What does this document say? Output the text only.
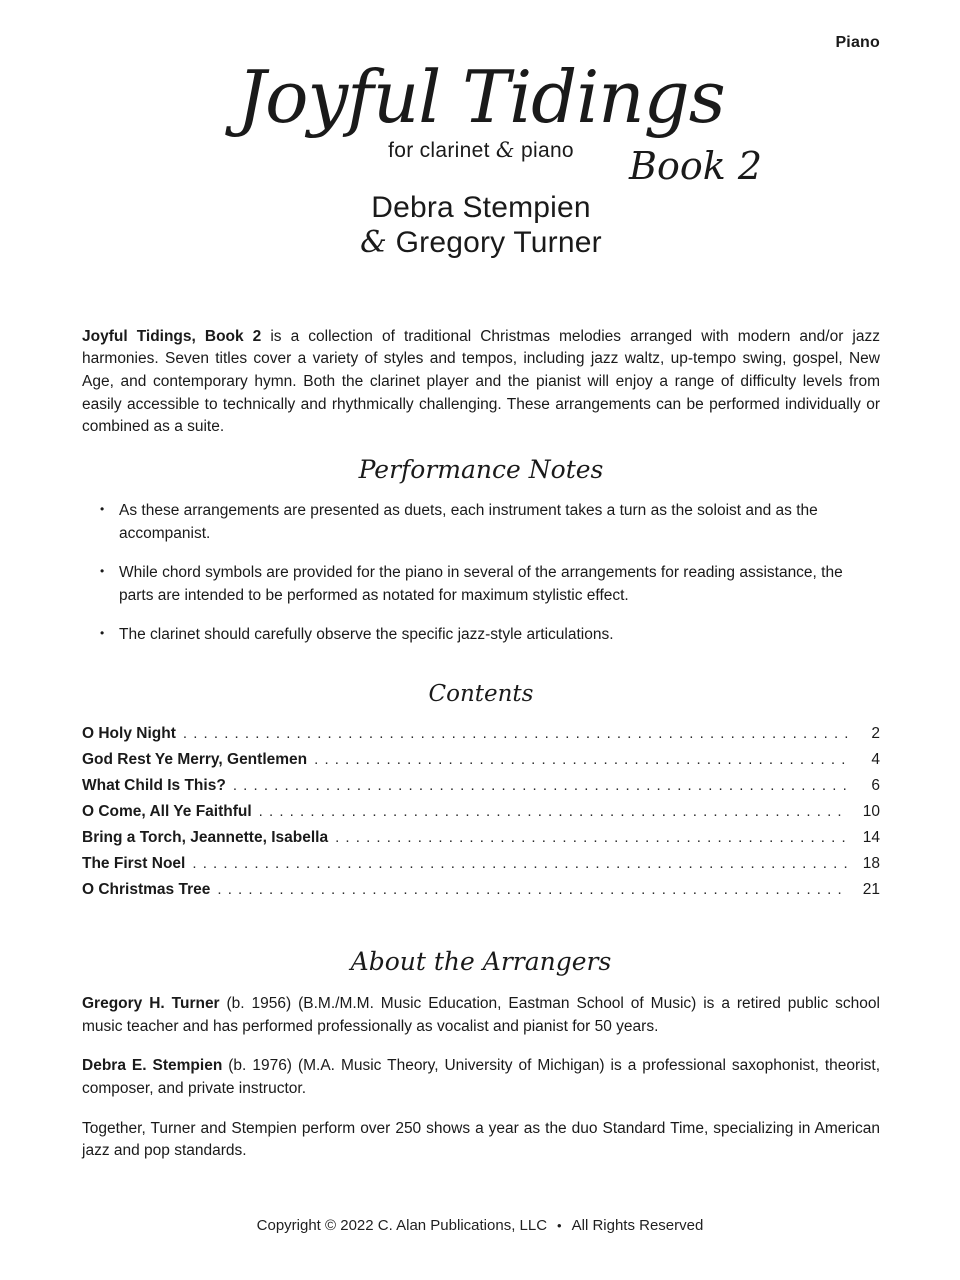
Piano
Joyful Tidings
for clarinet & piano Book 2
Debra Stempien
& Gregory Turner

Joyful Tidings, Book 2 is a collection of traditional Christmas melodies arranged with modern and/or jazz harmonies. Seven titles cover a variety of styles and tempos, including jazz waltz, up-tempo swing, gospel, New Age, and contemporary hymn. Both the clarinet player and the pianist will enjoy a range of difficulty levels from easily accessible to technically and rhythmically challenging. These arrangements can be performed individually or combined as a suite.

Performance Notes
• As these arrangements are presented as duets, each instrument takes a turn as the soloist and as the accompanist.
• While chord symbols are provided for the piano in several of the arrangements for reading assistance, the parts are intended to be performed as notated for maximum stylistic effect.
• The clarinet should carefully observe the specific jazz-style articulations.
Contents
O Holy Night . . .	2
God Rest Ye Merry, Gentlemen . . .	4
What Child Is This? . . .	6
O Come, All Ye Faithful . . .	10
Bring a Torch, Jeannette, Isabella . . .	14
The First Noel . . .	18
O Christmas Tree . . .	21
About the Arrangers

Gregory H. Turner (b. 1956) (B.M./M.M. Music Education, Eastman School of Music) is a retired public school music teacher and has performed professionally as vocalist and pianist for 50 years.

Debra E. Stempien (b. 1976) (M.A. Music Theory, University of Michigan) is a professional saxophonist, theorist, composer, and private instructor.

Together, Turner and Stempien perform over 250 shows a year as the duo Standard Time, specializing in American jazz and pop standards.

Copyright © 2022 C. Alan Publications, LLC • All Rights Reserved
